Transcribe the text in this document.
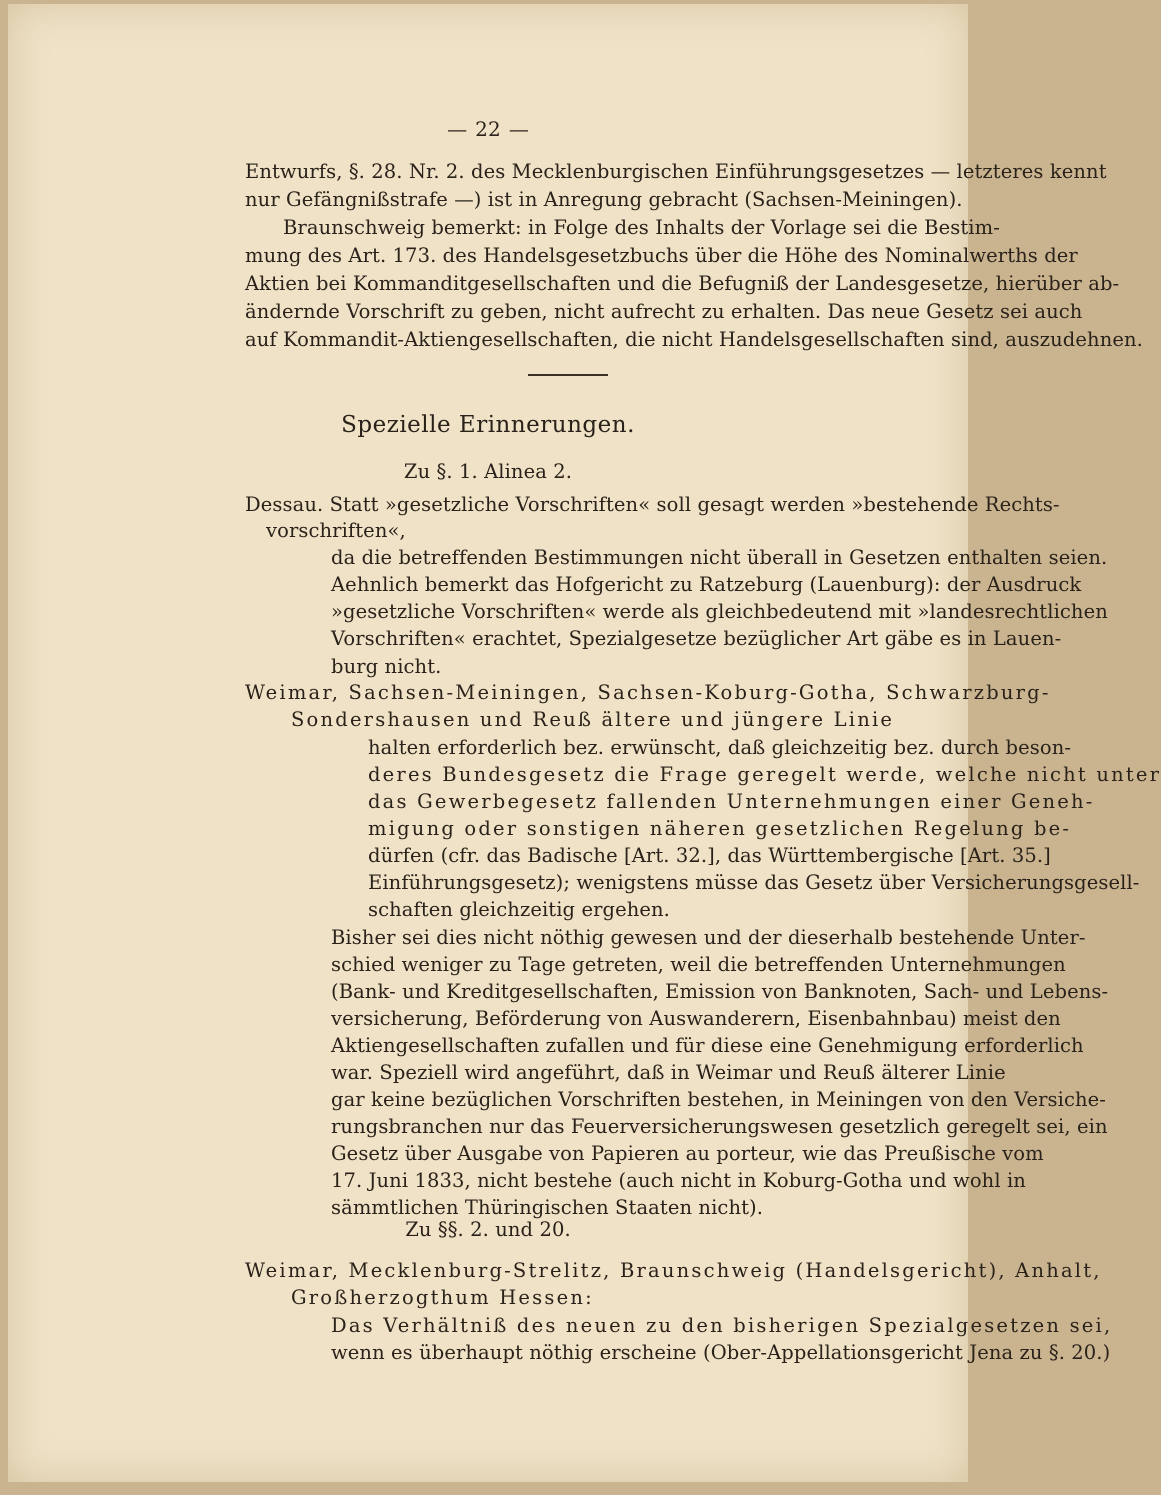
— 22 —
Entwurfs, §. 28. Nr. 2. des Mecklenburgischen Einführungsgesetzes — letzteres kennt
nur Gefängnißstrafe —) ist in Anregung gebracht (Sachsen-Meiningen).
Braunschweig bemerkt: in Folge des Inhalts der Vorlage sei die Bestim-
mung des Art. 173. des Handelsgesetzbuchs über die Höhe des Nominalwerths der
Aktien bei Kommanditgesellschaften und die Befugniß der Landesgesetze, hierüber ab-
ändernde Vorschrift zu geben, nicht aufrecht zu erhalten. Das neue Gesetz sei auch
auf Kommandit-Aktiengesellschaften, die nicht Handelsgesellschaften sind, auszudehnen.
Spezielle Erinnerungen.
Zu §. 1. Alinea 2.
Dessau. Statt »gesetzliche Vorschriften« soll gesagt werden »bestehende Rechts-
vorschriften«,
da die betreffenden Bestimmungen nicht überall in Gesetzen enthalten seien.
Aehnlich bemerkt das Hofgericht zu Ratzeburg (Lauenburg): der Ausdruck
»gesetzliche Vorschriften« werde als gleichbedeutend mit »landesrechtlichen
Vorschriften« erachtet, Spezialgesetze bezüglicher Art gäbe es in Lauen-
burg nicht.
Weimar, Sachsen-Meiningen, Sachsen-Koburg-Gotha, Schwarzburg-
Sondershausen und Reuß ältere und jüngere Linie
halten erforderlich bez. erwünscht, daß gleichzeitig bez. durch beson-
deres Bundesgesetz die Frage geregelt werde, welche nicht unter
das Gewerbegesetz fallenden Unternehmungen einer Geneh-
migung oder sonstigen näheren gesetzlichen Regelung be-
dürfen (cfr. das Badische [Art. 32.], das Württembergische [Art. 35.]
Einführungsgesetz); wenigstens müsse das Gesetz über Versicherungsgesell-
schaften gleichzeitig ergehen.
Bisher sei dies nicht nöthig gewesen und der dieserhalb bestehende Unter-
schied weniger zu Tage getreten, weil die betreffenden Unternehmungen
(Bank- und Kreditgesellschaften, Emission von Banknoten, Sach- und Lebens-
versicherung, Beförderung von Auswanderern, Eisenbahnbau) meist den
Aktiengesellschaften zufallen und für diese eine Genehmigung erforderlich
war. Speziell wird angeführt, daß in Weimar und Reuß älterer Linie
gar keine bezüglichen Vorschriften bestehen, in Meiningen von den Versiche-
rungsbranchen nur das Feuerversicherungswesen gesetzlich geregelt sei, ein
Gesetz über Ausgabe von Papieren au porteur, wie das Preußische vom
17. Juni 1833, nicht bestehe (auch nicht in Koburg-Gotha und wohl in
sämmtlichen Thüringischen Staaten nicht).
Zu §§. 2. und 20.
Weimar, Mecklenburg-Strelitz, Braunschweig (Handelsgericht), Anhalt,
Großherzogthum Hessen:
Das Verhältniß des neuen zu den bisherigen Spezialgesetzen sei,
wenn es überhaupt nöthig erscheine (Ober-Appellationsgericht Jena zu §. 20.)
